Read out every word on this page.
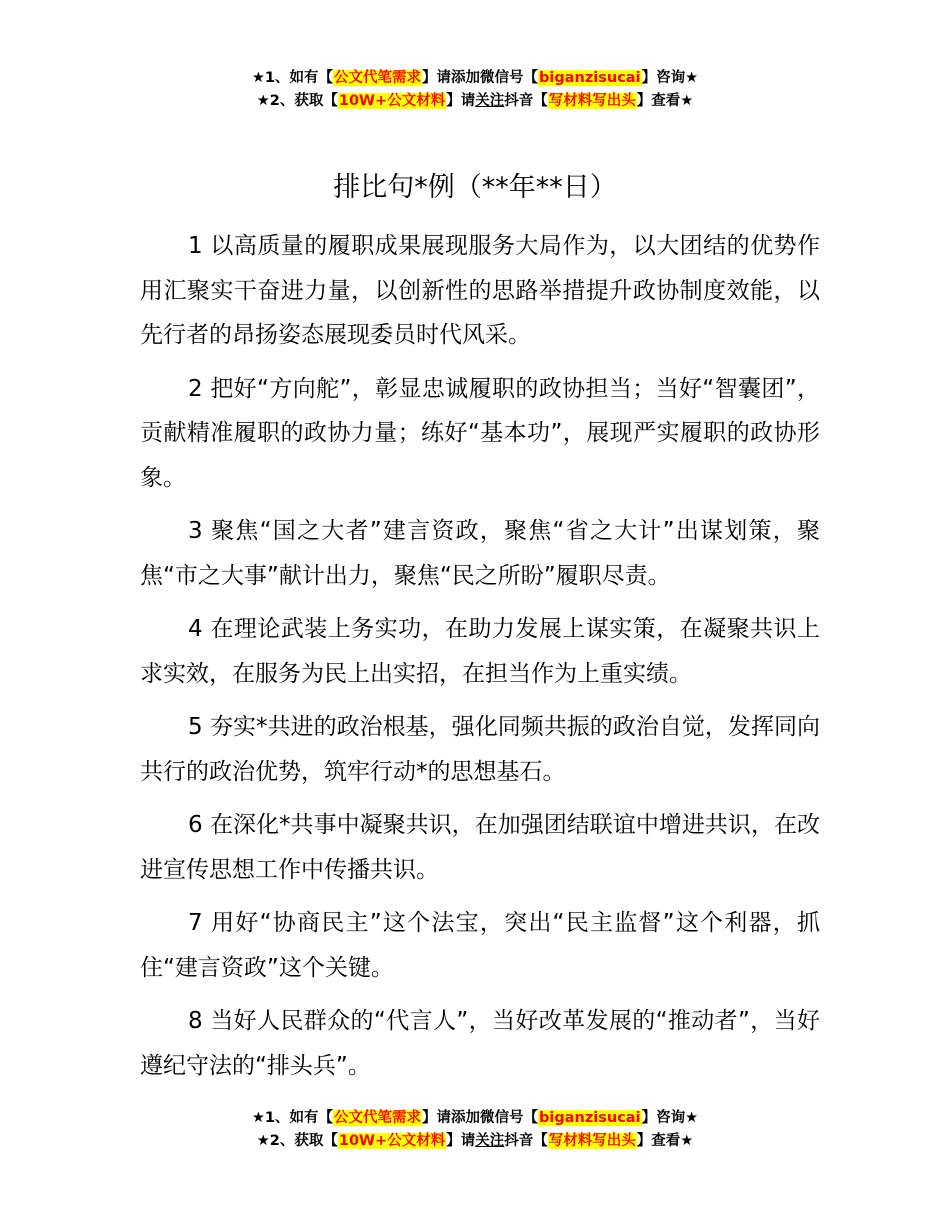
★1、如有【公文代笔需求】请添加微信号【biganzisucai】咨询★
★2、获取【10W+公文材料】请关注抖音【写材料写出头】查看★
排比句*例（**年**日）

1 以高质量的履职成果展现服务大局作为，以大团结的优势作用汇聚实干奋进力量，以创新性的思路举措提升政协制度效能，以先行者的昂扬姿态展现委员时代风采。

2 把好“方向舵”，彰显忠诚履职的政协担当；当好“智囊团”，贡献精准履职的政协力量；练好“基本功”，展现严实履职的政协形象。

3 聚焦“国之大者”建言资政，聚焦“省之大计”出谋划策，聚焦“市之大事”献计出力，聚焦“民之所盼”履职尽责。

4 在理论武装上务实功，在助力发展上谋实策，在凝聚共识上求实效，在服务为民上出实招，在担当作为上重实绩。

5 夯实*共进的政治根基，强化同频共振的政治自觉，发挥同向共行的政治优势，筑牢行动*的思想基石。

6 在深化*共事中凝聚共识，在加强团结联谊中增进共识，在改进宣传思想工作中传播共识。

7 用好“协商民主”这个法宝，突出“民主监督”这个利器，抓住“建言资政”这个关键。

8 当好人民群众的“代言人”，当好改革发展的“推动者”，当好遵纪守法的“排头兵”。

★1、如有【公文代笔需求】请添加微信号【biganzisucai】咨询★
★2、获取【10W+公文材料】请关注抖音【写材料写出头】查看★
